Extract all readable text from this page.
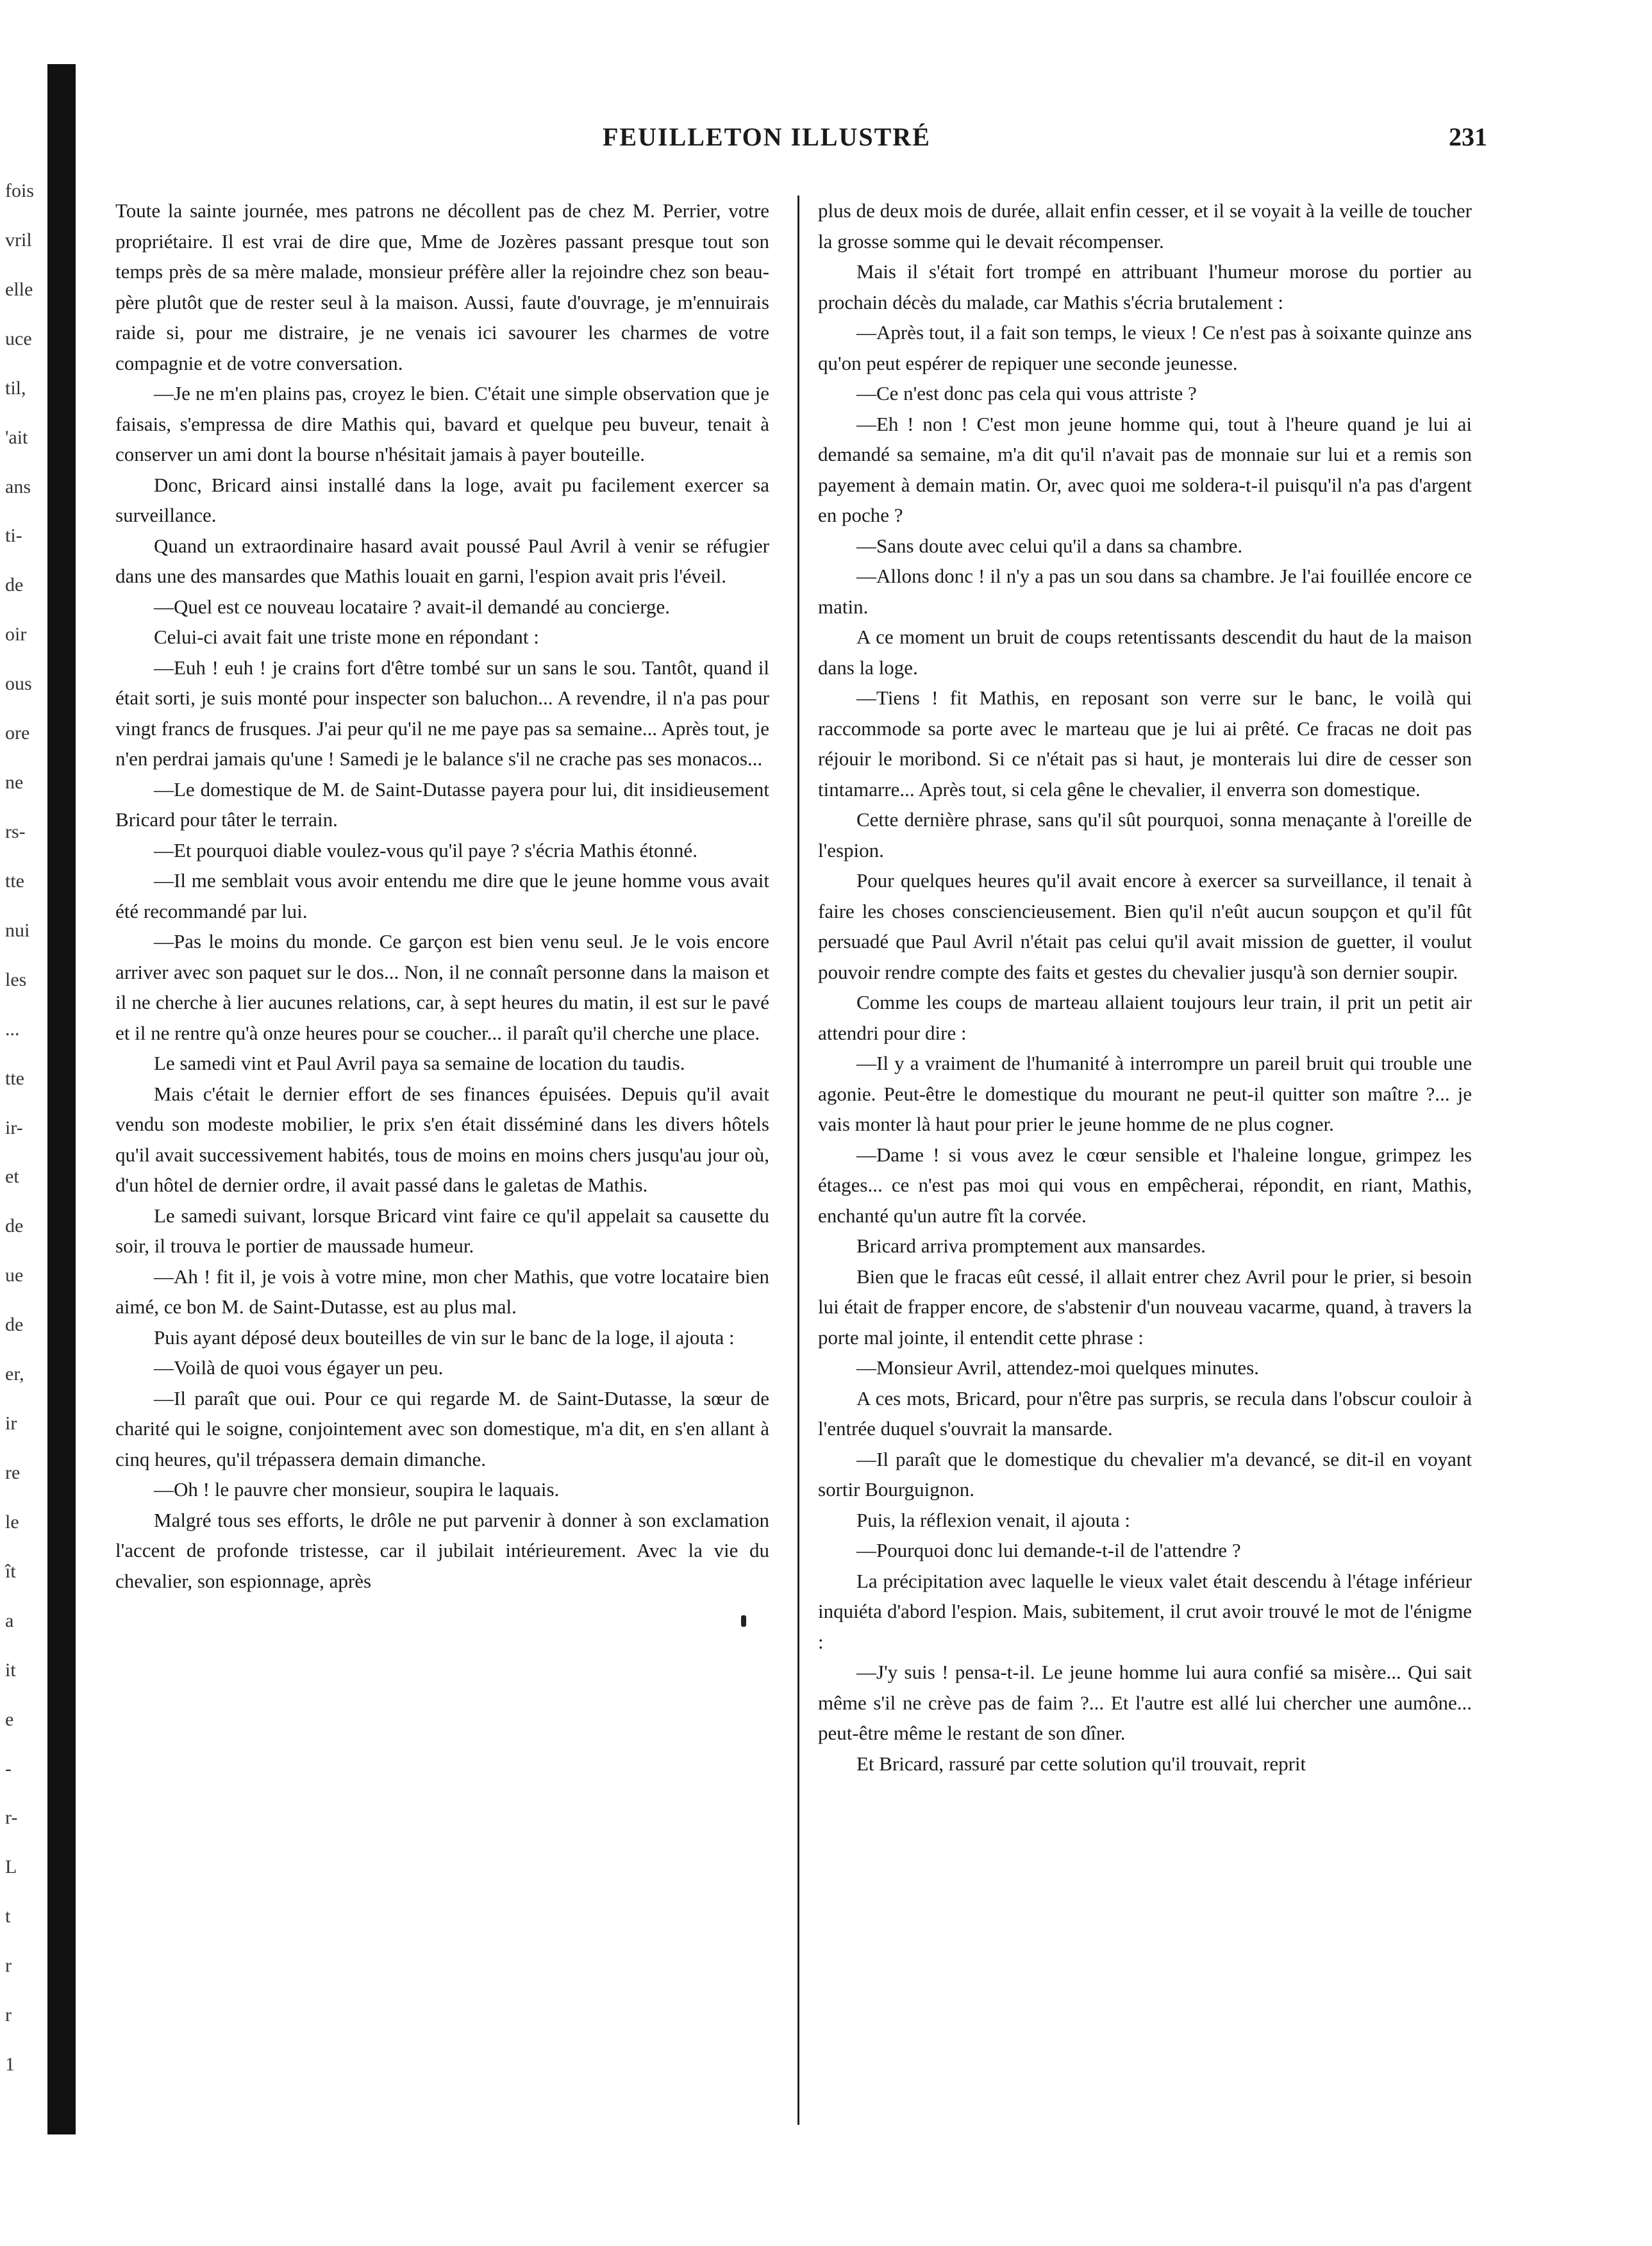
fois
vril
elle
uce
til,
'ait
ans
ti-
de
oir
ous
ore
ne
rs-
tte
nui
les
...
tte
ir-
et
de
ue
de
er,
ir
re
le
ît
a
it
e
-
r-
L
t
r
r
1
FEUILLETON ILLUSTRÉ	231

Toute la sainte journée, mes patrons ne décollent pas de chez M. Perrier, votre propriétaire. Il est vrai de dire que, Mme de Jozères passant presque tout son temps près de sa mère malade, monsieur préfère aller la rejoindre chez son beau-père plutôt que de rester seul à la maison. Aussi, faute d'ouvrage, je m'ennuirais raide si, pour me distraire, je ne venais ici savourer les charmes de votre compagnie et de votre conversation.

—Je ne m'en plains pas, croyez le bien. C'était une simple observation que je faisais, s'empressa de dire Mathis qui, bavard et quelque peu buveur, tenait à conserver un ami dont la bourse n'hésitait jamais à payer bouteille.

Donc, Bricard ainsi installé dans la loge, avait pu facilement exercer sa surveillance.

Quand un extraordinaire hasard avait poussé Paul Avril à venir se réfugier dans une des mansardes que Mathis louait en garni, l'espion avait pris l'éveil.

—Quel est ce nouveau locataire ? avait-il demandé au concierge.

Celui-ci avait fait une triste mone en répondant :

—Euh ! euh ! je crains fort d'être tombé sur un sans le sou. Tantôt, quand il était sorti, je suis monté pour inspecter son baluchon... A revendre, il n'a pas pour vingt francs de frusques. J'ai peur qu'il ne me paye pas sa semaine... Après tout, je n'en perdrai jamais qu'une ! Samedi je le balance s'il ne crache pas ses monacos...

—Le domestique de M. de Saint-Dutasse payera pour lui, dit insidieusement Bricard pour tâter le terrain.

—Et pourquoi diable voulez-vous qu'il paye ? s'écria Mathis étonné.

—Il me semblait vous avoir entendu me dire que le jeune homme vous avait été recommandé par lui.

—Pas le moins du monde. Ce garçon est bien venu seul. Je le vois encore arriver avec son paquet sur le dos... Non, il ne connaît personne dans la maison et il ne cherche à lier aucunes relations, car, à sept heures du matin, il est sur le pavé et il ne rentre qu'à onze heures pour se coucher... il paraît qu'il cherche une place.

Le samedi vint et Paul Avril paya sa semaine de location du taudis.

Mais c'était le dernier effort de ses finances épuisées. Depuis qu'il avait vendu son modeste mobilier, le prix s'en était disséminé dans les divers hôtels qu'il avait successivement habités, tous de moins en moins chers jusqu'au jour où, d'un hôtel de dernier ordre, il avait passé dans le galetas de Mathis.

Le samedi suivant, lorsque Bricard vint faire ce qu'il appelait sa causette du soir, il trouva le portier de maussade humeur.

—Ah ! fit il, je vois à votre mine, mon cher Mathis, que votre locataire bien aimé, ce bon M. de Saint-Dutasse, est au plus mal.

Puis ayant déposé deux bouteilles de vin sur le banc de la loge, il ajouta :

—Voilà de quoi vous égayer un peu.

—Il paraît que oui. Pour ce qui regarde M. de Saint-Dutasse, la sœur de charité qui le soigne, conjointement avec son domestique, m'a dit, en s'en allant à cinq heures, qu'il trépassera demain dimanche.

—Oh ! le pauvre cher monsieur, soupira le laquais.

Malgré tous ses efforts, le drôle ne put parvenir à donner à son exclamation l'accent de profonde tristesse, car il jubilait intérieurement. Avec la vie du chevalier, son espionnage, après

plus de deux mois de durée, allait enfin cesser, et il se voyait à la veille de toucher la grosse somme qui le devait récompenser.

Mais il s'était fort trompé en attribuant l'humeur morose du portier au prochain décès du malade, car Mathis s'écria brutalement :

—Après tout, il a fait son temps, le vieux ! Ce n'est pas à soixante quinze ans qu'on peut espérer de repiquer une seconde jeunesse.

—Ce n'est donc pas cela qui vous attriste ?

—Eh ! non ! C'est mon jeune homme qui, tout à l'heure quand je lui ai demandé sa semaine, m'a dit qu'il n'avait pas de monnaie sur lui et a remis son payement à demain matin. Or, avec quoi me soldera-t-il puisqu'il n'a pas d'argent en poche ?

—Sans doute avec celui qu'il a dans sa chambre.

—Allons donc ! il n'y a pas un sou dans sa chambre. Je l'ai fouillée encore ce matin.

A ce moment un bruit de coups retentissants descendit du haut de la maison dans la loge.

—Tiens ! fit Mathis, en reposant son verre sur le banc, le voilà qui raccommode sa porte avec le marteau que je lui ai prêté. Ce fracas ne doit pas réjouir le moribond. Si ce n'était pas si haut, je monterais lui dire de cesser son tintamarre... Après tout, si cela gêne le chevalier, il enverra son domestique.

Cette dernière phrase, sans qu'il sût pourquoi, sonna menaçante à l'oreille de l'espion.

Pour quelques heures qu'il avait encore à exercer sa surveillance, il tenait à faire les choses consciencieusement. Bien qu'il n'eût aucun soupçon et qu'il fût persuadé que Paul Avril n'était pas celui qu'il avait mission de guetter, il voulut pouvoir rendre compte des faits et gestes du chevalier jusqu'à son dernier soupir.

Comme les coups de marteau allaient toujours leur train, il prit un petit air attendri pour dire :

—Il y a vraiment de l'humanité à interrompre un pareil bruit qui trouble une agonie. Peut-être le domestique du mourant ne peut-il quitter son maître ?... je vais monter là haut pour prier le jeune homme de ne plus cogner.

—Dame ! si vous avez le cœur sensible et l'haleine longue, grimpez les étages... ce n'est pas moi qui vous en empêcherai, répondit, en riant, Mathis, enchanté qu'un autre fît la corvée.

Bricard arriva promptement aux mansardes.

Bien que le fracas eût cessé, il allait entrer chez Avril pour le prier, si besoin lui était de frapper encore, de s'abstenir d'un nouveau vacarme, quand, à travers la porte mal jointe, il entendit cette phrase :

—Monsieur Avril, attendez-moi quelques minutes.

A ces mots, Bricard, pour n'être pas surpris, se recula dans l'obscur couloir à l'entrée duquel s'ouvrait la mansarde.

—Il paraît que le domestique du chevalier m'a devancé, se dit-il en voyant sortir Bourguignon.

Puis, la réflexion venait, il ajouta :

—Pourquoi donc lui demande-t-il de l'attendre ?

La précipitation avec laquelle le vieux valet était descendu à l'étage inférieur inquiéta d'abord l'espion. Mais, subitement, il crut avoir trouvé le mot de l'énigme :

—J'y suis ! pensa-t-il. Le jeune homme lui aura confié sa misère... Qui sait même s'il ne crève pas de faim ?... Et l'autre est allé lui chercher une aumône... peut-être même le restant de son dîner.

Et Bricard, rassuré par cette solution qu'il trouvait, reprit
